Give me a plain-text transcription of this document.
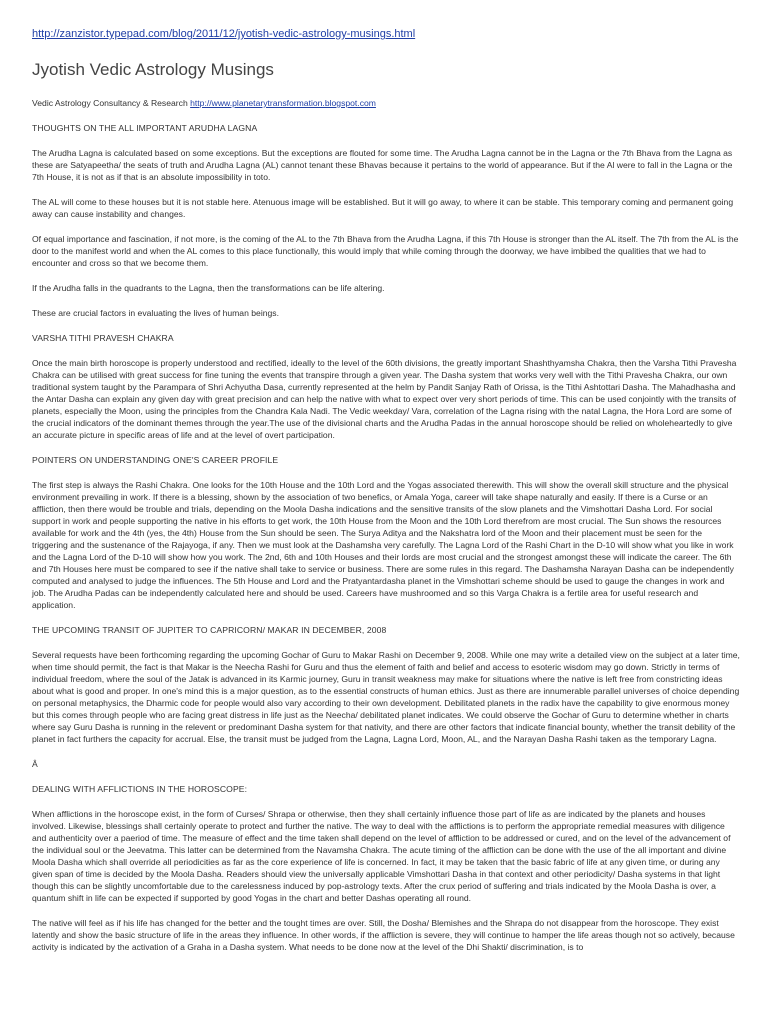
http://zanzistor.typepad.com/blog/2011/12/jyotish-vedic-astrology-musings.html
Jyotish Vedic Astrology Musings
Vedic Astrology Consultancy & Research http://www.planetarytransformation.blogspot.com
THOUGHTS ON THE ALL IMPORTANT ARUDHA LAGNA

The Arudha Lagna is calculated based on some exceptions. But the exceptions are flouted for some time. The Arudha Lagna cannot be in the Lagna or the 7th Bhava from the Lagna as these are Satyapeetha/ the seats of truth and Arudha Lagna (AL) cannot tenant these Bhavas because it pertains to the world of appearance. But if the Al were to fall in the Lagna or the 7th House, it is not as if that is an absolute impossibility in toto.

The AL will come to these houses but it is not stable here. Atenuous image will be established. But it will go away, to where it can be stable. This temporary coming and permanent going away can cause instability and changes.

Of equal importance and fascination, if not more, is the coming of the AL to the 7th Bhava from the Arudha Lagna, if this 7th House is stronger than the AL itself. The 7th from the AL is the door to the manifest world and when the AL comes to this place functionally, this would imply that while coming through the doorway, we have imbibed the qualities that we had to encounter and cross so that we become them.

If the Arudha falls in the quadrants to the Lagna, then the transformations can be life altering.

These are crucial factors in evaluating the lives of human beings.

VARSHA TITHI PRAVESH CHAKRA

Once the main birth horoscope is properly understood and rectified, ideally to the level of the 60th divisions, the greatly important Shashthyamsha Chakra, then the Varsha Tithi Pravesha Chakra can be utilised with great success for fine tuning the events that transpire through a given year. The Dasha system that works very well with the Tithi Pravesha Chakra, our own traditional system taught by the Parampara of Shri Achyutha Dasa, currently represented at the helm by Pandit Sanjay Rath of Orissa, is the Tithi Ashtottari Dasha. The Mahadhasha and the Antar Dasha can explain any given day with great precision and can help the native with what to expect over very short periods of time. This can be used conjointly with the transits of planets, especially the Moon, using the principles from the Chandra Kala Nadi. The Vedic weekday/ Vara, correlation of the Lagna rising with the natal Lagna, the Hora Lord are some of the crucial indicators of the dominant themes through the year.The use of the divisional charts and the Arudha Padas in the annual horoscope should be relied on wholeheartedly to give an accurate picture in specific areas of life and at the level of overt participation.

POINTERS ON UNDERSTANDING ONE'S CAREER PROFILE

The first step is always the Rashi Chakra. One looks for the 10th House and the 10th Lord and the Yogas associated therewith. This will show the overall skill structure and the physical environment prevailing in work. If there is a blessing, shown by the association of two benefics, or Amala Yoga, career will take shape naturally and easily. If there is a Curse or an affliction, then there would be trouble and trials, depending on the Moola Dasha indications and the sensitive transits of the slow planets and the Vimshottari Dasha Lord. For social support in work and people supporting the native in his efforts to get work, the 10th House from the Moon and the 10th Lord therefrom are most crucial. The Sun shows the resources available for work and the 4th (yes, the 4th) House from the Sun should be seen. The Surya Aditya and the Nakshatra lord of the Moon and their placement must be seen for the triggering and the sustenance of the Rajayoga, if any. Then we must look at the Dashamsha very carefully. The Lagna Lord of the Rashi Chart in the D-10 will show what you like in work and the Lagna Lord of the D-10 will show how you work. The 2nd, 6th and 10th Houses and their lords are most crucial and the strongest amongst these will indicate the career. The 6th and 7th Houses here must be compared to see if the native shall take to service or business. There are some rules in this regard. The Dashamsha Narayan Dasha can be independently computed and analysed to judge the influences. The 5th House and Lord and the Pratyantardasha planet in the Vimshottari scheme should be used to gauge the changes in work and job. The Arudha Padas can be independently calculated here and should be used. Careers have mushroomed and so this Varga Chakra is a fertile area for useful research and application.

THE UPCOMING TRANSIT OF JUPITER TO CAPRICORN/ MAKAR IN DECEMBER, 2008

Several requests have been forthcoming regarding the upcoming Gochar of Guru to Makar Rashi on December 9, 2008. While one may write a detailed view on the subject at a later time, when time should permit, the fact is that Makar is the Neecha Rashi for Guru and thus the element of faith and belief and access to esoteric wisdom may go down. Strictly in terms of individual freedom, where the soul of the Jatak is advanced in its Karmic journey, Guru in transit weakness may make for situations where the native is left free from constricting ideas about what is good and proper. In one's mind this is a major question, as to the essential constructs of human ethics. Just as there are innumerable parallel universes of choice depending on personal metaphysics, the Dharmic code for people would also vary according to their own development. Debilitated planets in the radix have the capability to give enormous money but this comes through people who are facing great distress in life just as the Neecha/ debilitated planet indicates. We could observe the Gochar of Guru to determine whether in charts where say Guru Dasha is running in the relevent or predominant Dasha system for that nativity, and there are other factors that indicate financial bounty, whether the transit debility of the planet in fact furthers the capacity for accrual. Else, the transit must be judged from the Lagna, Lagna Lord, Moon, AL, and the Narayan Dasha Rashi taken as the temporary Lagna.

Â
DEALING WITH AFFLICTIONS IN THE HOROSCOPE:

When afflictions in the horoscope exist, in the form of Curses/ Shrapa or otherwise, then they shall certainly influence those part of life as are indicated by the planets and houses involved. Likewise, blessings shall certainly operate to protect and further the native. The way to deal with the afflictions is to perform the appropriate remedial measures with diligence and authenticity over a paeriod of time. The measure of effect and the time taken shall depend on the level of affliction to be addressed or cured, and on the level of the advancement of the individual soul or the Jeevatma. This latter can be determined from the Navamsha Chakra. The acute timing of the affliction can be done with the use of the all important and divine Moola Dasha which shall override all periodicities as far as the core experience of life is concerned. In fact, it may be taken that the basic fabric of life at any given time, or during any given span of time is decided by the Moola Dasha. Readers should view the universally applicable Vimshottari Dasha in that context and other periodicity/ Dasha systems in that light though this can be slightly uncomfortable due to the carelessness induced by pop-astrology texts. After the crux period of suffering and trials indicated by the Moola Dasha is over, a quantum shift in life can be expected if supported by good Yogas in the chart and better Dashas operating all round.

The native will feel as if his life has changed for the better and the tought times are over. Still, the Dosha/ Blemishes and the Shrapa do not disappear from the horoscope. They exist latently and show the basic structure of life in the areas they influence. In other words, if the affliction is severe, they will continue to hamper the life areas though not so actively, because activity is indicated by the activation of a Graha in a Dasha system. What needs to be done now at the level of the Dhi Shakti/ discrimination, is to
